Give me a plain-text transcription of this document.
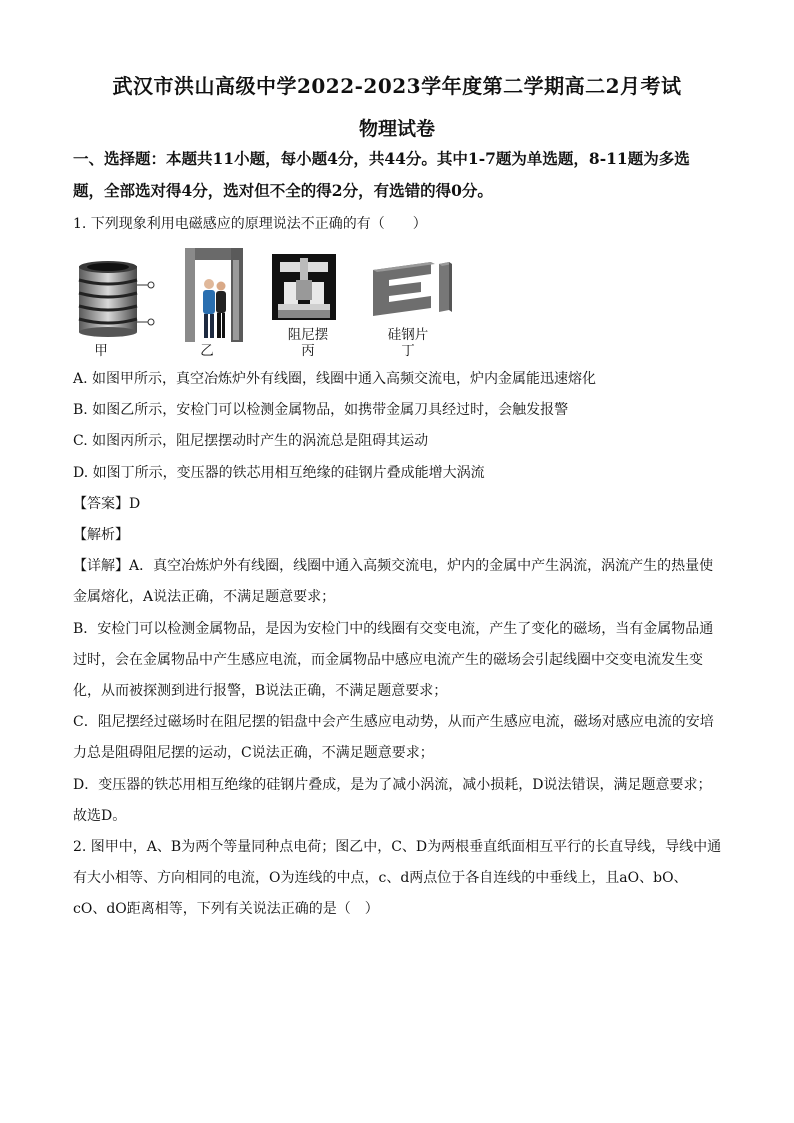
武汉市洪山高级中学2022-2023学年度第二学期高二2月考试
物理试卷
一、选择题：本题共11小题，每小题4分，共44分。其中1-7题为单选题，8-11题为多选
题，全部选对得4分，选对但不全的得2分，有选错的得0分。
1. 下列现象利用电磁感应的原理说法不正确的有（　　）
阻尼摆	硅钢片
甲	乙	丙	丁
A. 如图甲所示，真空冶炼炉外有线圈，线圈中通入高频交流电，炉内金属能迅速熔化
B. 如图乙所示，安检门可以检测金属物品，如携带金属刀具经过时，会触发报警
C. 如图丙所示，阻尼摆摆动时产生的涡流总是阻碍其运动
D. 如图丁所示，变压器的铁芯用相互绝缘的硅钢片叠成能增大涡流
【答案】D
【解析】
【详解】A．真空冶炼炉外有线圈，线圈中通入高频交流电，炉内的金属中产生涡流，涡流产生的热量使
金属熔化，A说法正确，不满足题意要求；
B．安检门可以检测金属物品，是因为安检门中的线圈有交变电流，产生了变化的磁场，当有金属物品通
过时，会在金属物品中产生感应电流，而金属物品中感应电流产生的磁场会引起线圈中交变电流发生变
化，从而被探测到进行报警，B说法正确，不满足题意要求；
C．阻尼摆经过磁场时在阻尼摆的铝盘中会产生感应电动势，从而产生感应电流，磁场对感应电流的安培
力总是阻碍阻尼摆的运动，C说法正确，不满足题意要求；
D．变压器的铁芯用相互绝缘的硅钢片叠成，是为了减小涡流，减小损耗，D说法错误，满足题意要求；
故选D。
2. 图甲中，A、B为两个等量同种点电荷；图乙中，C、D为两根垂直纸面相互平行的长直导线，导线中通
有大小相等、方向相同的电流，O为连线的中点，c、d两点位于各自连线的中垂线上，且aO、bO、
cO、dO距离相等，下列有关说法正确的是（　）
